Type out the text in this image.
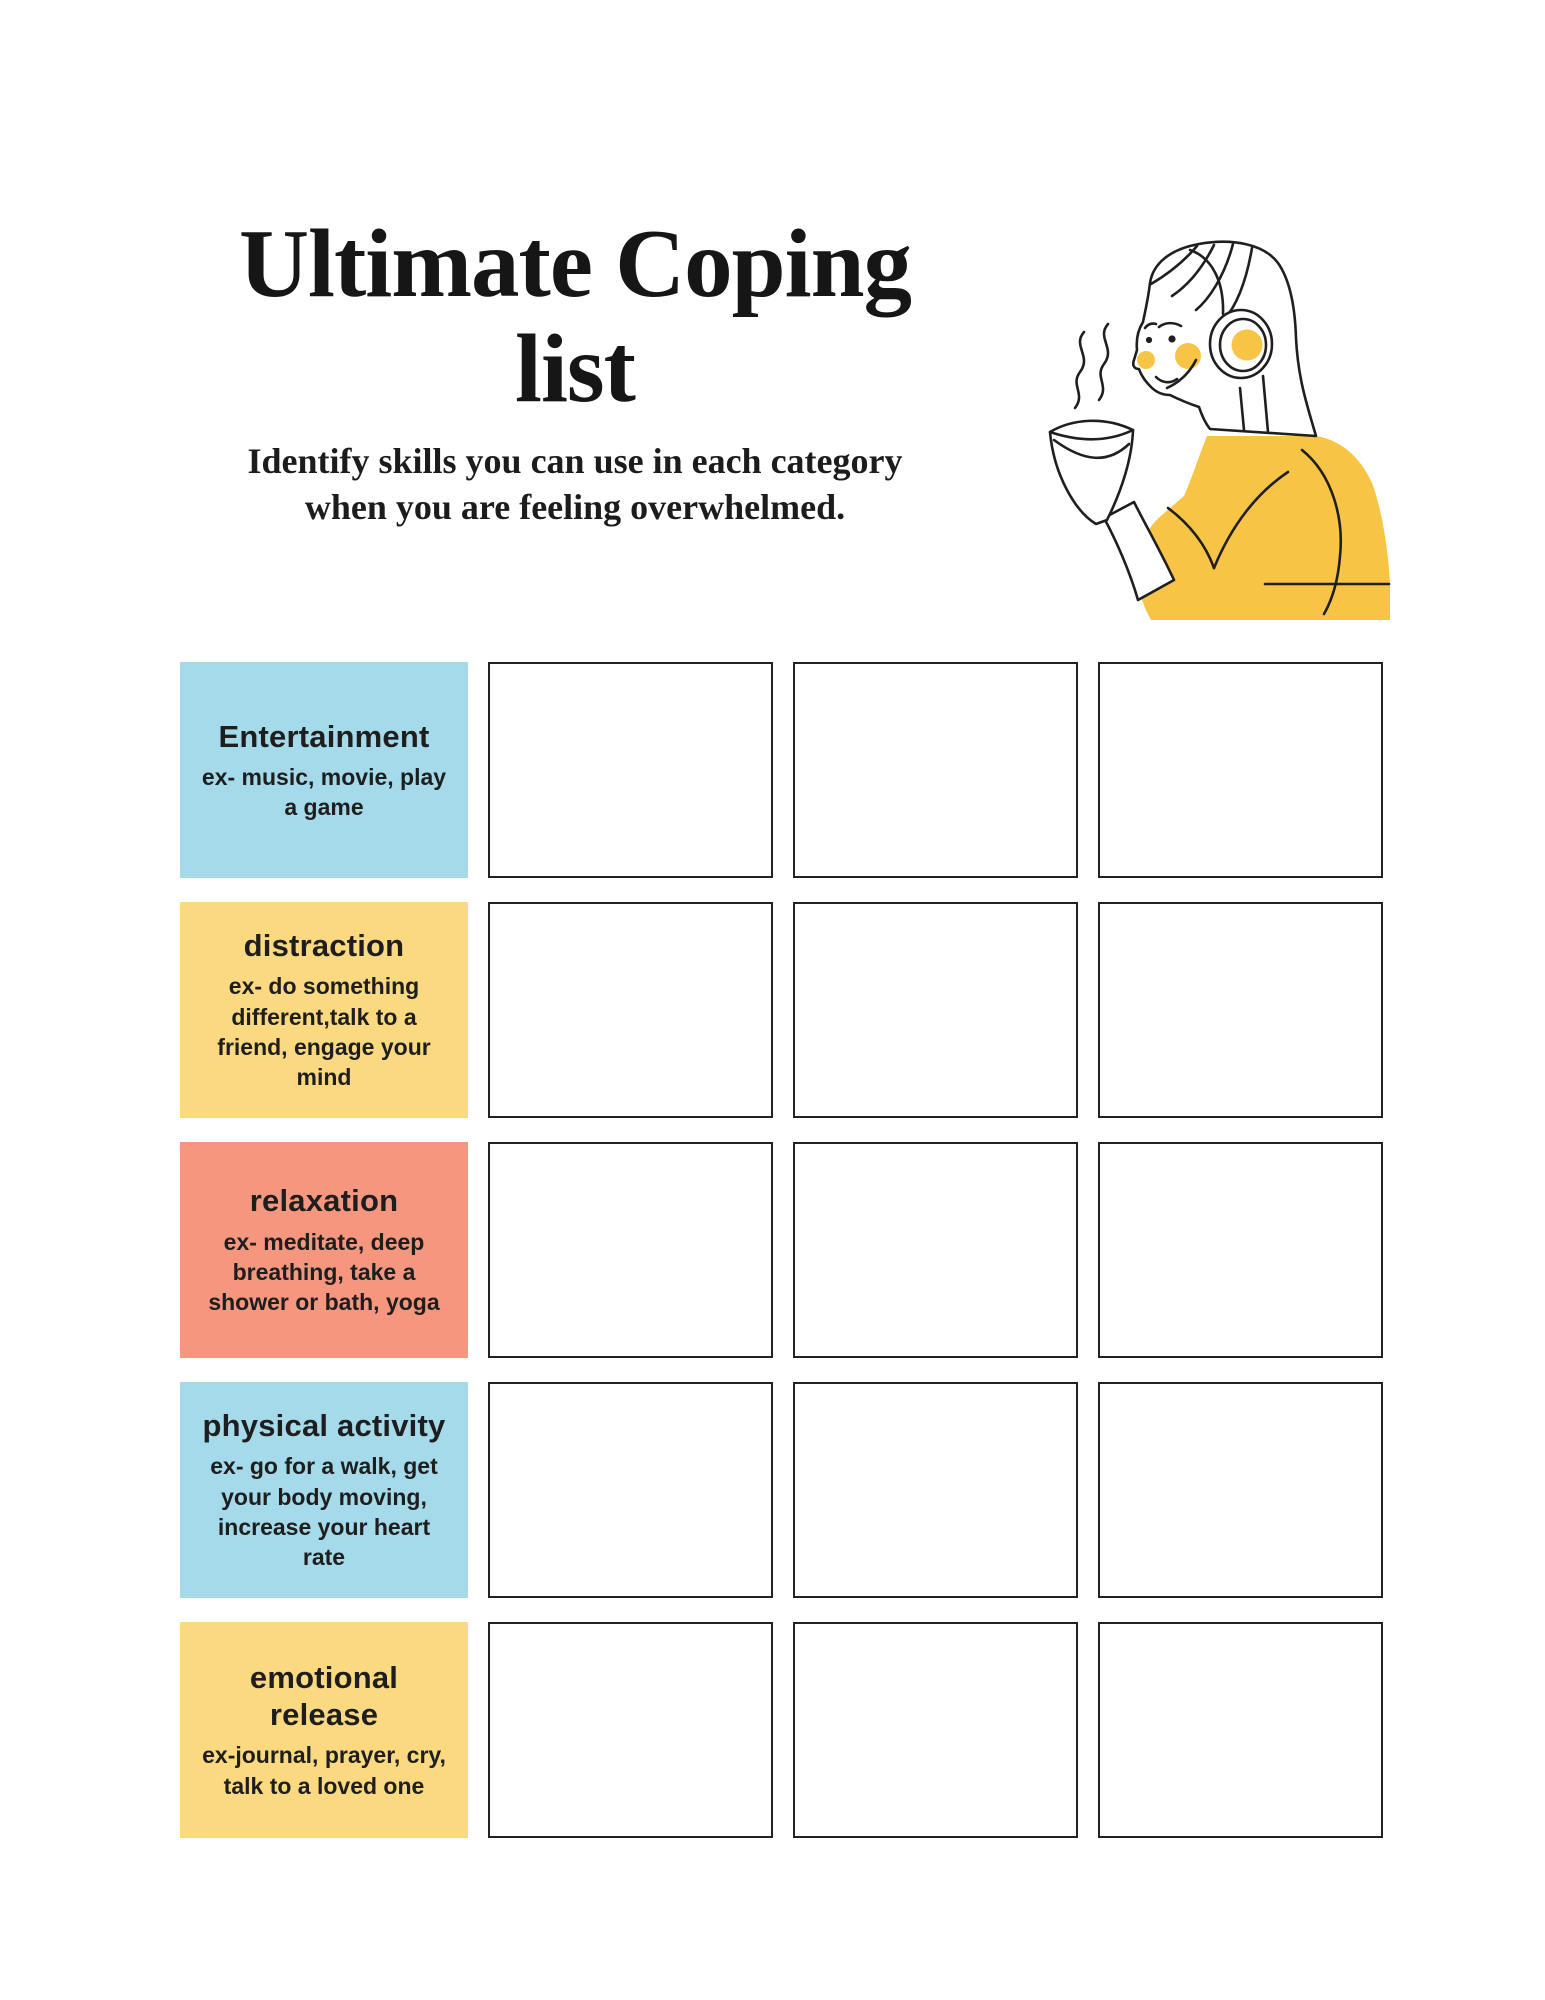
Ultimate Coping
list
Identify skills you can use in each category
when you are feeling overwhelmed.
Entertainment
ex- music, movie, play a game
distraction
ex- do something different,talk to a friend, engage your mind
relaxation
ex- meditate, deep breathing, take a shower or bath, yoga
physical activity
ex- go for a walk, get your body moving, increase your heart rate
emotional release
ex-journal, prayer, cry, talk to a loved one
